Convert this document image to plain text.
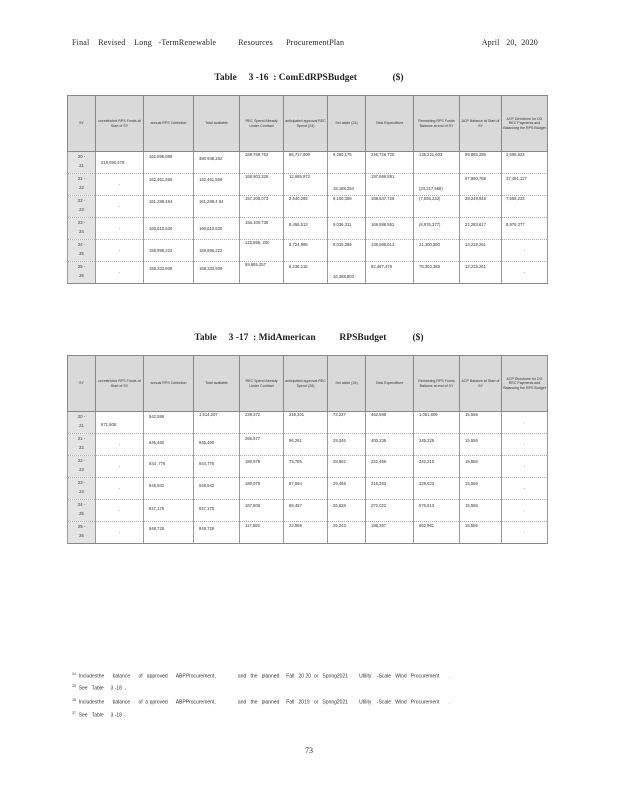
Final    Revised    Long   -TermRenewable          Resources      ProcurementPlan	April   20,  2020
Table     3 -16  : ComEdRPSBudget               ($)
SY	unrestricted RPS Funds at Start of SY	annual RPS Collection	Total available	REC Spend Already Under Contract	anticipated approval REC Spend (24)	Set aside (24)	Total Expenditure	Remaining RPS Funds Balance at end of SY	ACP Balance at Start of SY	ACP Directions for DG REC Payments and Balancing the RPS Budget

20 -
21	219,050,478	162,898,888	380 948,262	169,769,763	66,717,800	9,260,175	246,726,725	135,221,603	89,865,286	2,508,623

21 -
22	-	162,461,556	162,461,556	168,903,326	12,665,972	18,188,254	197,689,891	(33,217,568)	67,860,768	37,481,117

22 -
23	-	161,288,494	161,288,4 94	157,206,073	2,540,265	9,100,389	168,847,726	(7,559,232)	28,249,648	7,559,233

23 -
24	-	160,610,630	160,610,630	156,100,738	8,456,513	9,036,311	169,586,562	(8,976,377)	22,283,617	8,976,377

24 -
25	-	159,996,222	159,996,222	122,855, 200	5,724,998	9,015,399	138,596,613	21,300,590	13,219,261	-

25 -
26	-	159,333,939	159,333,939	59,865,257	6,236,216	16,388,803	82,487,478	78,303,385	13,219,261	-
Table     3 -17  : MidAmerican          RPSBudget           ($)
SY	unrestricted RPS Funds at Start of SY	annual RPS Collection	Total available	REC Spend Already Under Contract	anticipated approval REC Spend (26)	Set aside (24)	Total Expenditure	Remaining RPS Funds Balance at end of SY	ACP Balance at Start of SY	ACP Directions for DG REC Payments and Balancing the RPS Budget

20 -
21	671,608	842,599	1,514,207	229,372	216,201	73,237	462,598	1,051,609	15,556	-

21 -
22	-	845,460	845,460	266,577	96,261	29,346	400,235	245,225	15,556	-

22 -
23	-	844 ,776	844,776	180,976	73,766	28,662	222,466	242,310	15,556	-

23 -
24	-	846,942	846,942	180,976	87,594	29,468	316,263	329,623	15,556	-

24 -
25	-	847,175	847,175	167,806	68,467	26,528	272,022	576,613	15,556	-

25 -
26	-	848,728	848,728	117,555	22,969	25,243	186,267	662,961	15,556	-
$^{24}$ Includesthe      balance      of   approved      ABPProcurement,                and   the   planned     Fall   20 20  or   Spring2021        Utility    -Scale   Wind   Procurement       .
$^{25}$ See   Table     3 -18  .
$^{26}$ Includesthe      balance      of  a pproved      ABPProcurement,                and   the   planned     Fall   2019   or   Spring2021        Utility    -Scale   Wind   Procurement       .
$^{27}$ See   Table     3 -18  .
73
